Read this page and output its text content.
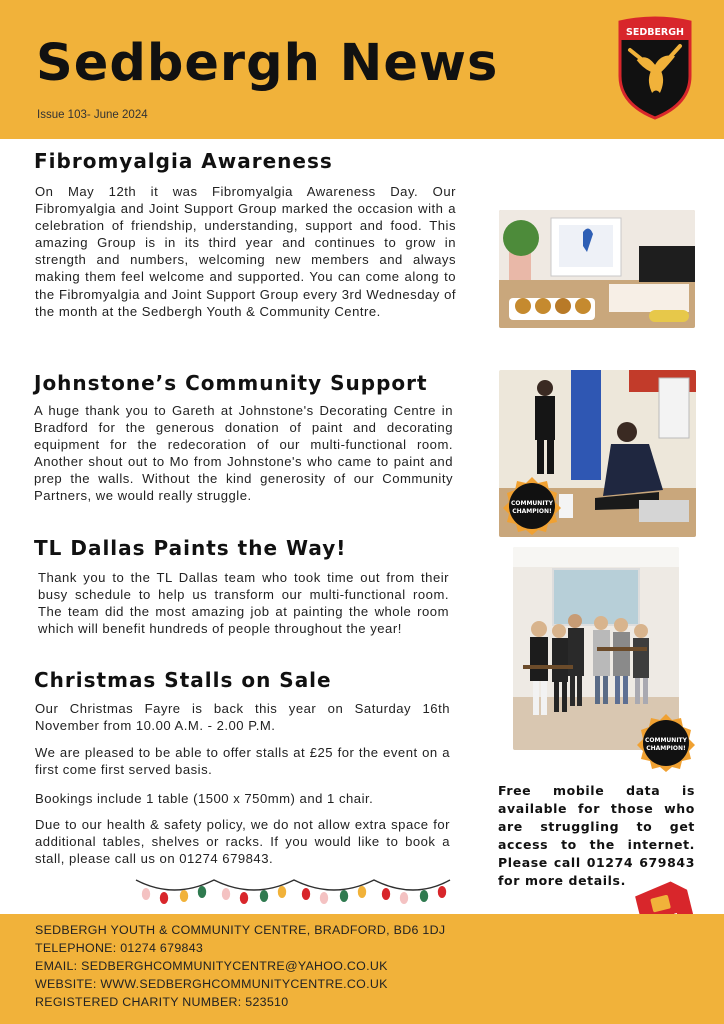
Sedbergh News
Issue 103- June 2024
SEDBERGH
Fibromyalgia Awareness
On May 12th it was Fibromyalgia Awareness Day. Our Fibromyalgia and Joint Support Group marked the occasion with a celebration of friendship, understanding, support and food. This amazing Group is in its third year and continues to grow in strength and numbers, welcoming new members and always making them feel welcome and supported. You can come along to the Fibromyalgia and Joint Support Group every 3rd Wednesday of the month at the Sedbergh Youth & Community Centre.
Johnstone’s Community Support
A huge thank you to Gareth at Johnstone's Decorating Centre in Bradford for the generous donation of paint and decorating equipment for the redecoration of our multi-functional room. Another shout out to Mo from Johnstone's who came to paint and prep the walls. Without the kind generosity of our Community Partners, we would really struggle.
COMMUNITY
CHAMPION!
TL Dallas Paints the Way!
Thank you to the TL Dallas team who took time out from their busy schedule to help us transform our multi-functional room. The team did the most amazing job at painting the whole room which will benefit hundreds of people throughout the year!
COMMUNITY
CHAMPION!
Christmas Stalls on Sale
Our Christmas Fayre is back this year on Saturday 16th November from 10.00 A.M. - 2.00 P.M.
We are pleased to be able to offer stalls at £25 for the event on a first come first served basis.
Bookings include 1 table (1500 x 750mm) and 1 chair.
Due to our health & safety policy, we do not allow extra space for additional tables, shelves or racks. If you would like to book a stall, please call us on 01274 679843.
Free mobile data is available for those who are struggling to get access to the internet. Please call 01274 679843 for more details.
SEDBERGH YOUTH & COMMUNITY CENTRE, BRADFORD, BD6 1DJ
TELEPHONE: 01274 679843
EMAIL: SEDBERGHCOMMUNITYCENTRE@YAHOO.CO.UK
WEBSITE: WWW.SEDBERGHCOMMUNITYCENTRE.CO.UK
REGISTERED CHARITY NUMBER: 523510
